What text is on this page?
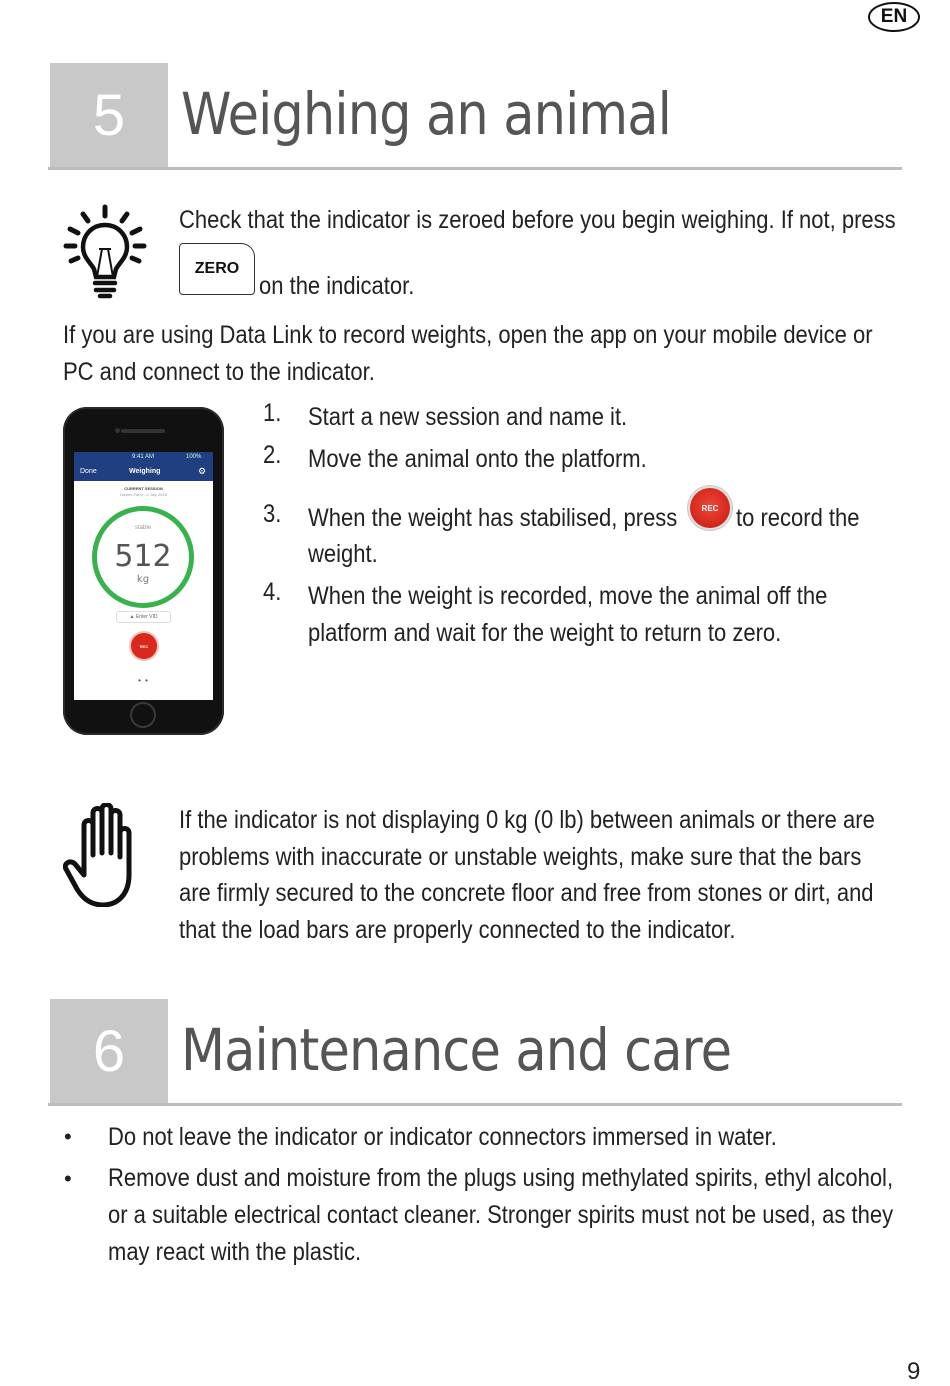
EN
5 Weighing an animal
Check that the indicator is zeroed before you begin weighing. If not, press
ZERO
on the indicator.
If you are using Data Link to record weights, open the app on your mobile device or
PC and connect to the indicator.
9:41 AM	100%
Done	Weighing	⚙
CURRENT SESSION
Davies Farm - 2 July 2018
stable
512
kg
▲ Enter VID
REC
• •
1. Start a new session and name it.
2. Move the animal onto the platform.
3. When the weight has stabilised, press	REC to record the
weight.
4. When the weight is recorded, move the animal off the
platform and wait for the weight to return to zero.
If the indicator is not displaying 0 kg (0 lb) between animals or there are
problems with inaccurate or unstable weights, make sure that the bars
are firmly secured to the concrete floor and free from stones or dirt, and
that the load bars are properly connected to the indicator.
6 Maintenance and care
• Do not leave the indicator or indicator connectors immersed in water.
• Remove dust and moisture from the plugs using methylated spirits, ethyl alcohol,
or a suitable electrical contact cleaner. Stronger spirits must not be used, as they
may react with the plastic.
9
